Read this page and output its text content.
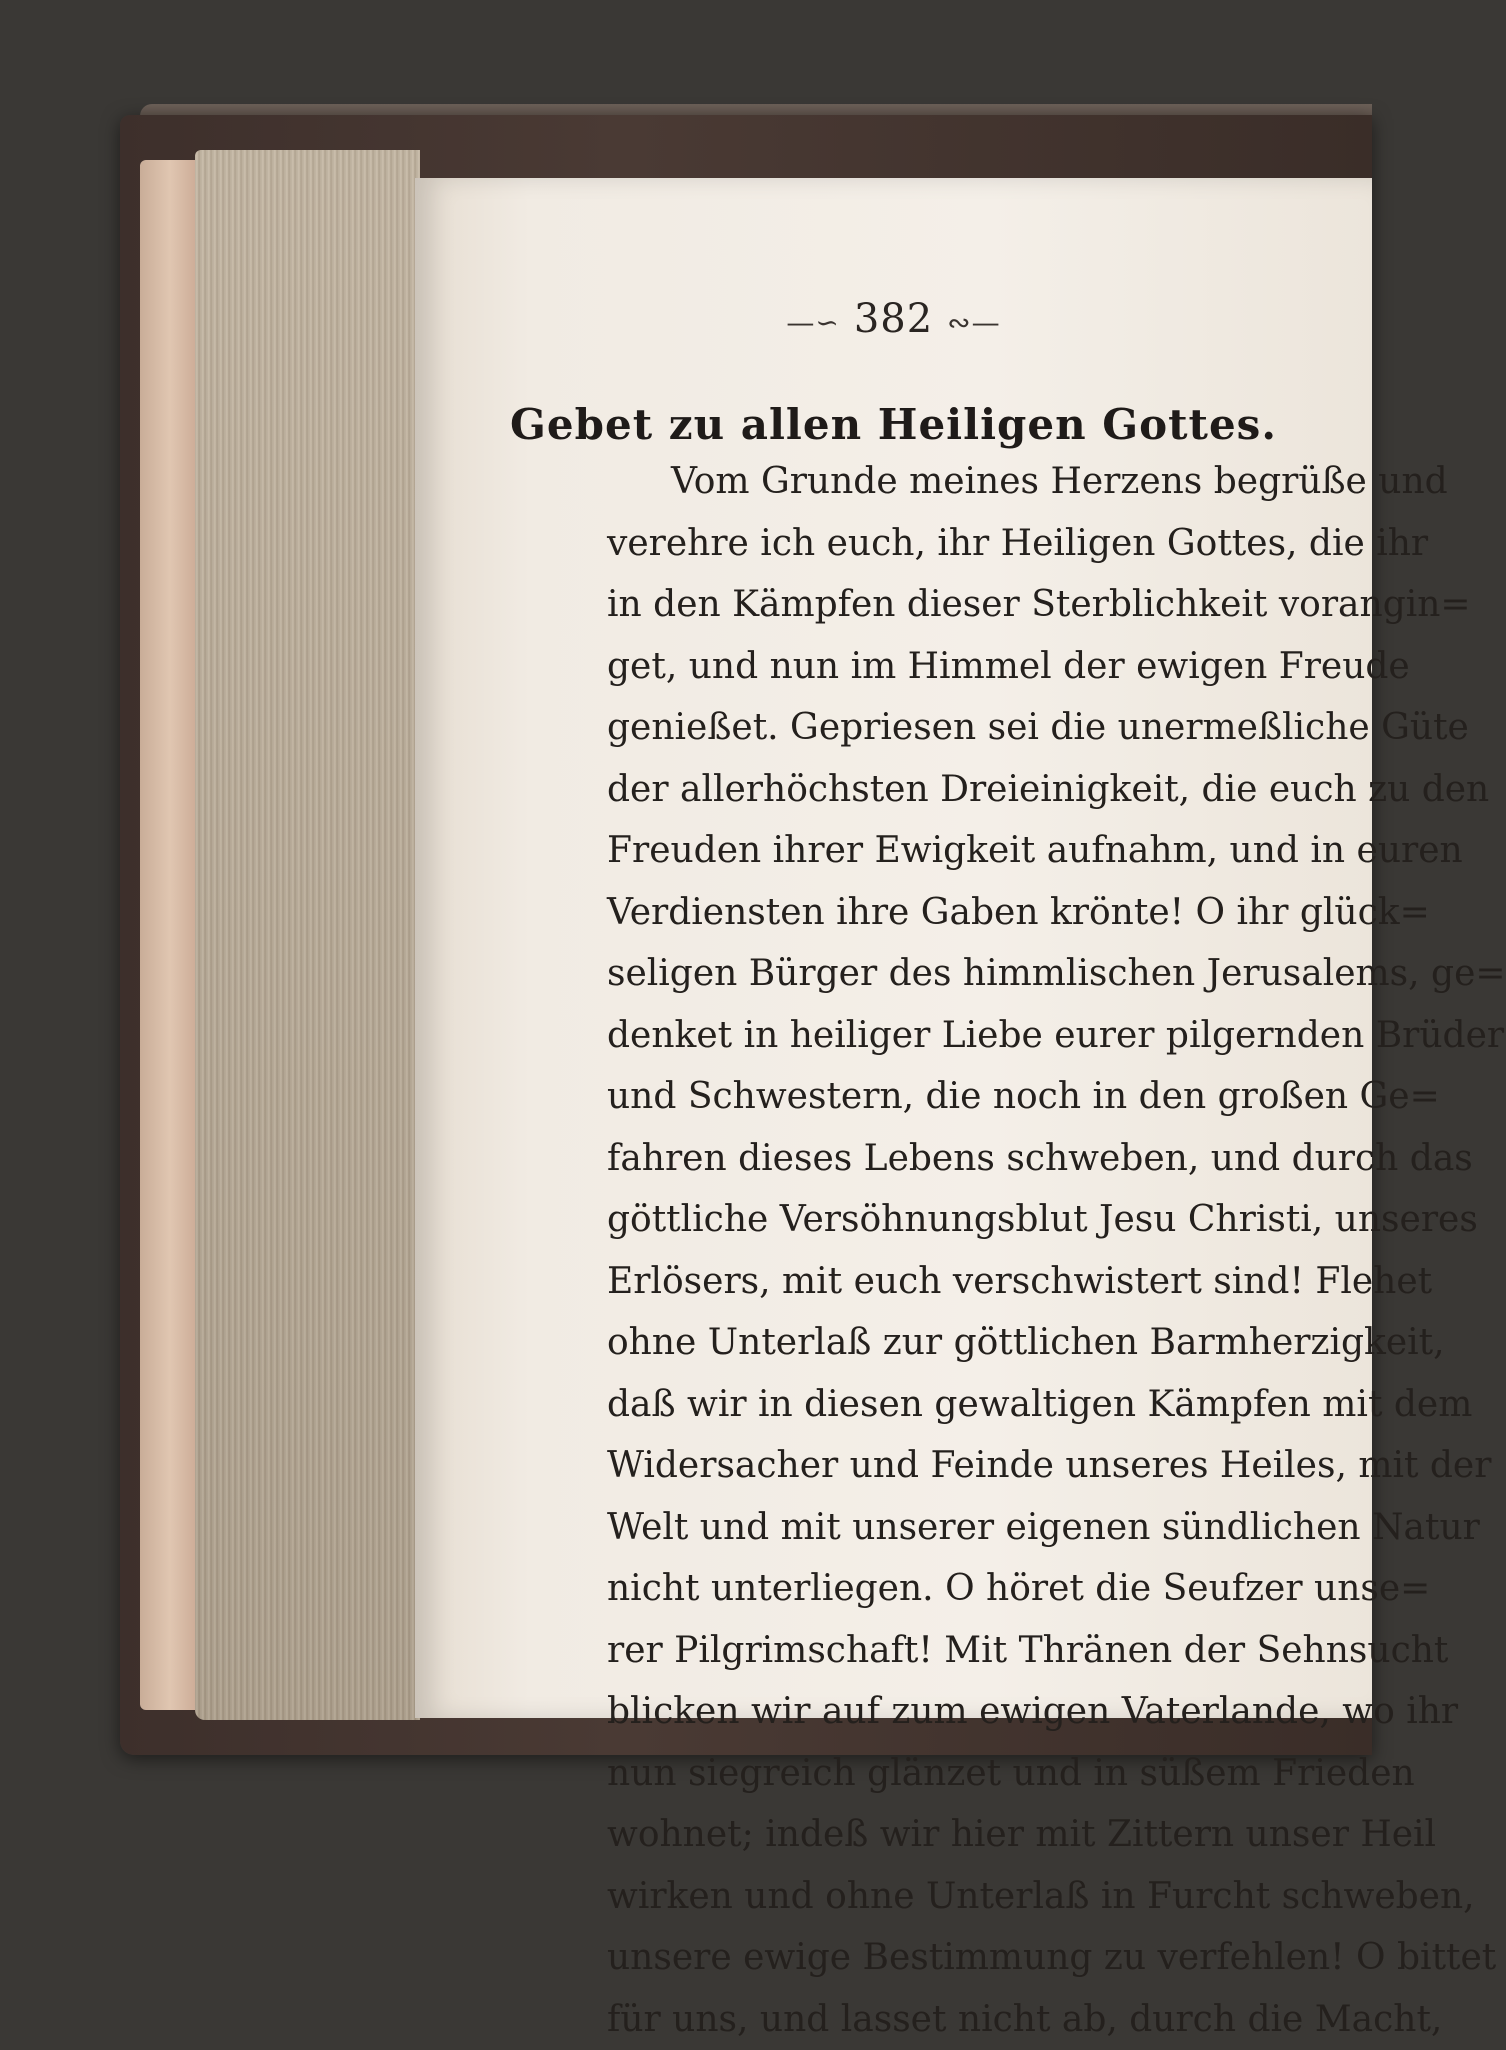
—∽ 382 ∾—
Gebet zu allen Heiligen Gottes.
Vom Grunde meines Herzens begrüße und
verehre ich euch, ihr Heiligen Gottes, die ihr
in den Kämpfen dieser Sterblichkeit vorangin=
get, und nun im Himmel der ewigen Freude
genießet. Gepriesen sei die unermeßliche Güte
der allerhöchsten Dreieinigkeit, die euch zu den
Freuden ihrer Ewigkeit aufnahm, und in euren
Verdiensten ihre Gaben krönte! O ihr glück=
seligen Bürger des himmlischen Jerusalems, ge=
denket in heiliger Liebe eurer pilgernden Brüder
und Schwestern, die noch in den großen Ge=
fahren dieses Lebens schweben, und durch das
göttliche Versöhnungsblut Jesu Christi, unseres
Erlösers, mit euch verschwistert sind! Flehet
ohne Unterlaß zur göttlichen Barmherzigkeit,
daß wir in diesen gewaltigen Kämpfen mit dem
Widersacher und Feinde unseres Heiles, mit der
Welt und mit unserer eigenen sündlichen Natur
nicht unterliegen. O höret die Seufzer unse=
rer Pilgrimschaft! Mit Thränen der Sehnsucht
blicken wir auf zum ewigen Vaterlande, wo ihr
nun siegreich glänzet und in süßem Frieden
wohnet; indeß wir hier mit Zittern unser Heil
wirken und ohne Unterlaß in Furcht schweben,
unsere ewige Bestimmung zu verfehlen! O bittet
für uns, und lasset nicht ab, durch die Macht,
